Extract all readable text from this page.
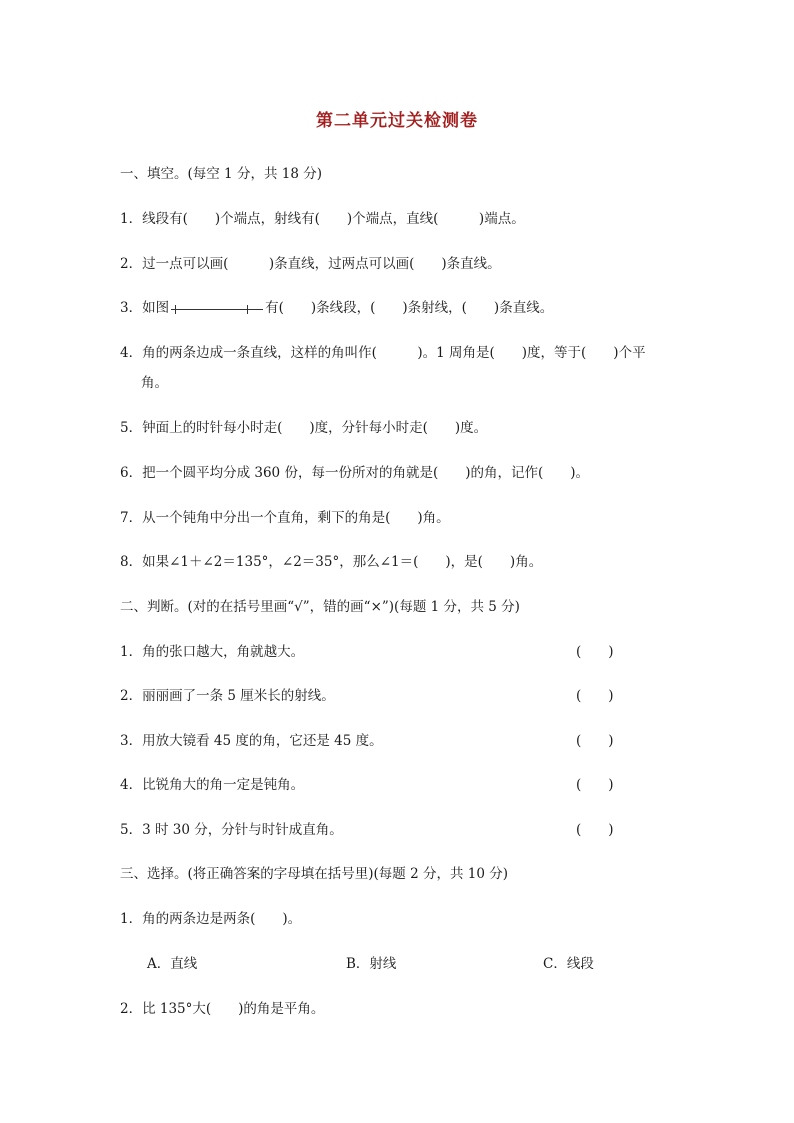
第二单元过关检测卷
一、填空。(每空 1 分，共 18 分)
1．线段有(　　)个端点，射线有(　　)个端点，直线(　　　)端点。
2．过一点可以画(　　　)条直线，过两点可以画(　　)条直线。
3．如图	有(　　)条线段，(　　)条射线，(　　)条直线。
4．角的两条边成一条直线，这样的角叫作(　　　)。1 周角是(　　)度，等于(　　)个平
角。
5．钟面上的时针每小时走(　　)度，分针每小时走(　　)度。
6．把一个圆平均分成 360 份，每一份所对的角就是(　　)的角，记作(　　)。
7．从一个钝角中分出一个直角，剩下的角是(　　)角。
8．如果∠1＋∠2＝135°，∠2＝35°，那么∠1＝(　　)，是(　　)角。
二、判断。(对的在括号里画“√”，错的画“×”)(每题 1 分，共 5 分)
1．角的张口越大，角就越大。	(　　)
2．丽丽画了一条 5 厘米长的射线。	(　　)
3．用放大镜看 45 度的角，它还是 45 度。	(　　)
4．比锐角大的角一定是钝角。	(　　)
5．3 时 30 分，分针与时针成直角。	(　　)
三、选择。(将正确答案的字母填在括号里)(每题 2 分，共 10 分)
1．角的两条边是两条(　　)。
A．直线	B．射线	C．线段
2．比 135°大(　　)的角是平角。
